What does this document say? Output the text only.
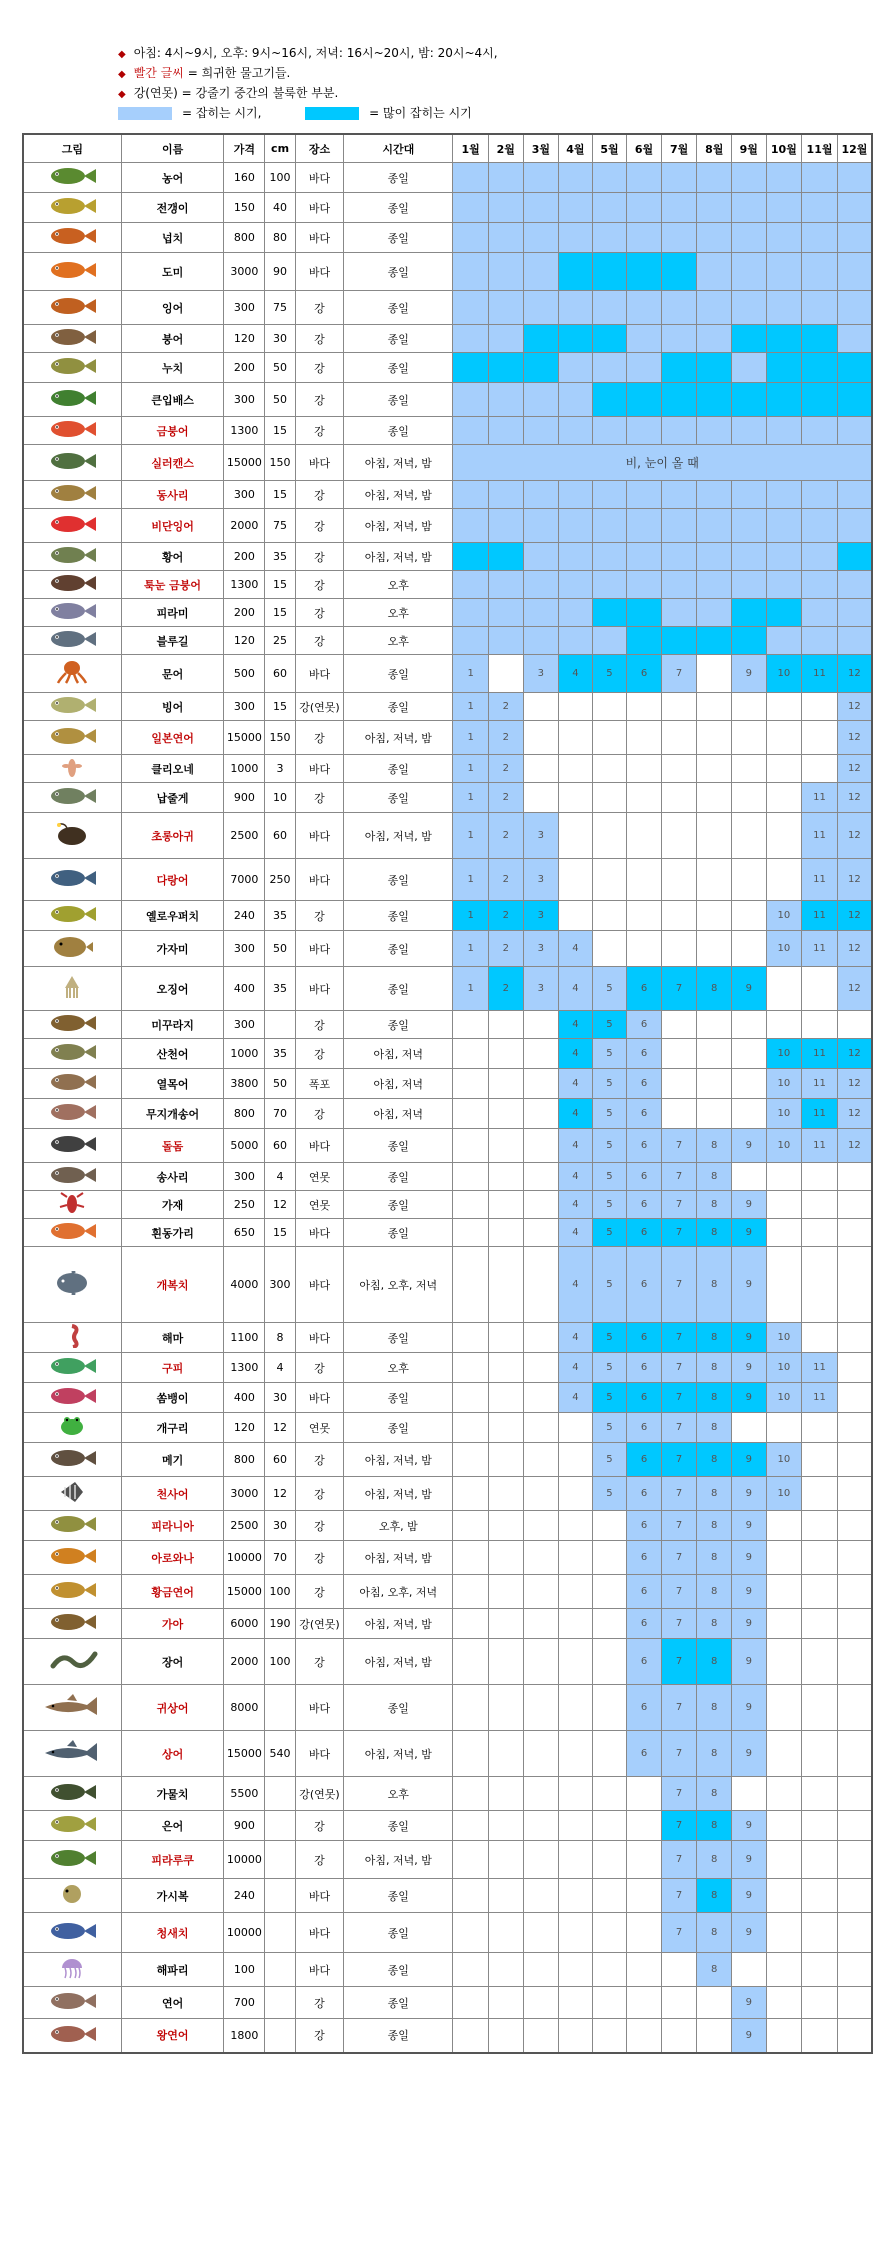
◆ 아침: 4시~9시, 오후: 9시~16시, 저녁: 16시~20시, 밤: 20시~4시,
◆ 빨간 글씨 = 희귀한 물고기들.
◆ 강(연못) = 강줄기 중간의 불룩한 부분.
= 잡히는 시기,	= 많이 잡히는 시기
그림	이름	가격	cm	장소	시간대	1월	2월	3월	4월	5월	6월	7월	8월	9월	10월	11월	12월
	농어	160	100	바다	종일												
	전갱이	150	40	바다	종일												
	넙치	800	80	바다	종일												
	도미	3000	90	바다	종일												
	잉어	300	75	강	종일												
	붕어	120	30	강	종일												
	누치	200	50	강	종일												
	큰입배스	300	50	강	종일												
	금붕어	1300	15	강	종일												
	실러캔스	15000	150	바다	아침, 저녁, 밤	비, 눈이 올 때											
	동사리	300	15	강	아침, 저녁, 밤												
	비단잉어	2000	75	강	아침, 저녁, 밤												
	황어	200	35	강	아침, 저녁, 밤												
	툭눈 금붕어	1300	15	강	오후												
	피라미	200	15	강	오후												
	블루길	120	25	강	오후												
	문어	500	60	바다	종일	1		3	4	5	6	7		9	10	11	12
	빙어	300	15	강(연못)	종일	1	2										12
	일본연어	15000	150	강	아침, 저녁, 밤	1	2										12
	클리오네	1000	3	바다	종일	1	2										12
	납줄게	900	10	강	종일	1	2									11	12
	초롱아귀	2500	60	바다	아침, 저녁, 밤	1	2	3								11	12
	다랑어	7000	250	바다	종일	1	2	3								11	12
	옐로우퍼치	240	35	강	종일	1	2	3							10	11	12
	가자미	300	50	바다	종일	1	2	3	4						10	11	12
	오징어	400	35	바다	종일	1	2	3	4	5	6	7	8	9			12
	미꾸라지	300		강	종일				4	5	6						
	산천어	1000	35	강	아침, 저녁				4	5	6				10	11	12
	열목어	3800	50	폭포	아침, 저녁				4	5	6				10	11	12
	무지개송어	800	70	강	아침, 저녁				4	5	6				10	11	12
	돌돔	5000	60	바다	종일				4	5	6	7	8	9	10	11	12
	송사리	300	4	연못	종일				4	5	6	7	8				
	가재	250	12	연못	종일				4	5	6	7	8	9			
	흰동가리	650	15	바다	종일				4	5	6	7	8	9			
	개복치	4000	300	바다	아침, 오후, 저녁				4	5	6	7	8	9			
	해마	1100	8	바다	종일				4	5	6	7	8	9	10		
	구피	1300	4	강	오후				4	5	6	7	8	9	10	11	
	쏨뱅이	400	30	바다	종일				4	5	6	7	8	9	10	11	
	개구리	120	12	연못	종일					5	6	7	8				
	메기	800	60	강	아침, 저녁, 밤					5	6	7	8	9	10		
	천사어	3000	12	강	아침, 저녁, 밤					5	6	7	8	9	10		
	피라니아	2500	30	강	오후, 밤						6	7	8	9			
	아로와나	10000	70	강	아침, 저녁, 밤						6	7	8	9			
	황금연어	15000	100	강	아침, 오후, 저녁						6	7	8	9			
	가아	6000	190	강(연못)	아침, 저녁, 밤						6	7	8	9			
	장어	2000	100	강	아침, 저녁, 밤						6	7	8	9			
	귀상어	8000		바다	종일						6	7	8	9			
	상어	15000	540	바다	아침, 저녁, 밤						6	7	8	9			
	가물치	5500		강(연못)	오후							7	8				
	은어	900		강	종일							7	8	9			
	피라루쿠	10000		강	아침, 저녁, 밤							7	8	9			
	가시복	240		바다	종일							7	8	9			
	청새치	10000		바다	종일							7	8	9			
	해파리	100		바다	종일								8				
	연어	700		강	종일									9			
	왕연어	1800		강	종일									9			
